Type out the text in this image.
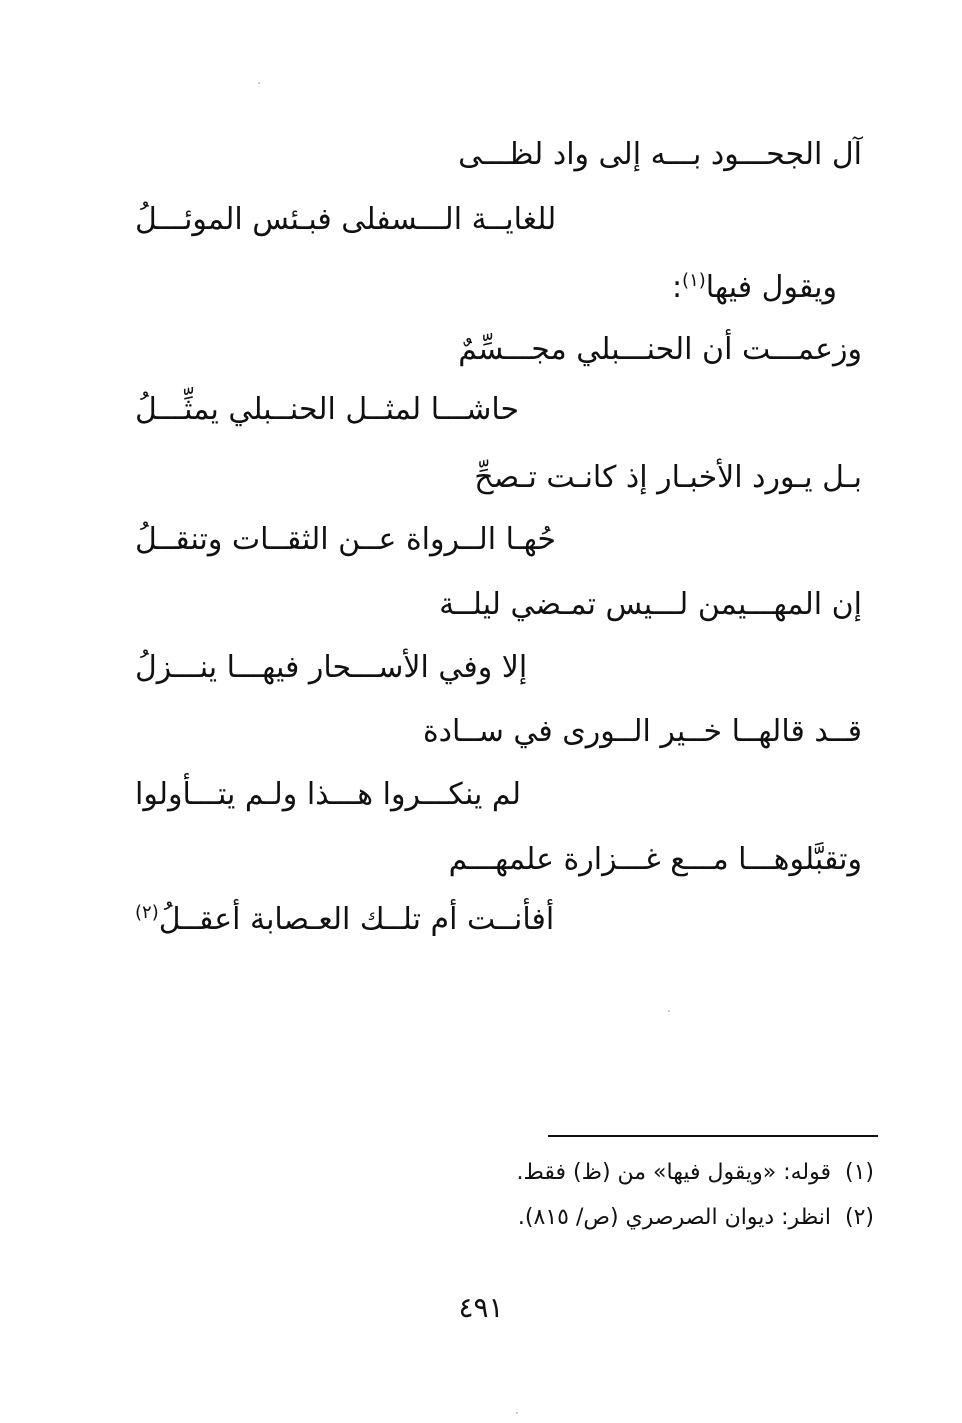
آل الجحـــود بـــه إلى واد لظـــى
للغايــة الـــسفلى فبـئس الموئـــلُ
ويقول فيها$^{(١)}$:
وزعمـــت أن الحنـــبلي مجـــسِّمٌ
حاشـــا لمثــل الحنــبلي يمثِّـــلُ
بـل يـورد الأخبـار إذ كانـت تـصحِّ
حُهـا الــرواة عــن الثقــات وتنقــلُ
إن المهـــيمن لـــيس تمـضي ليلــة
إلا وفي الأســـحار فيهـــا ينـــزلُ
قــد قالهــا خــير الــورى في ســادة
لم ينكـــروا هـــذا ولـم يتـــأولوا
وتقبَّلوهـــا مـــع غـــزارة علمهـــم
أفأنــت أم تلــك العـصابة أعقــلُ$^{(٢)}$
(١)قوله: «ويقول فيها» من (ظ) فقط.
(٢)انظر: ديوان الصرصري (ص/ ٨١٥).
٤٩١
